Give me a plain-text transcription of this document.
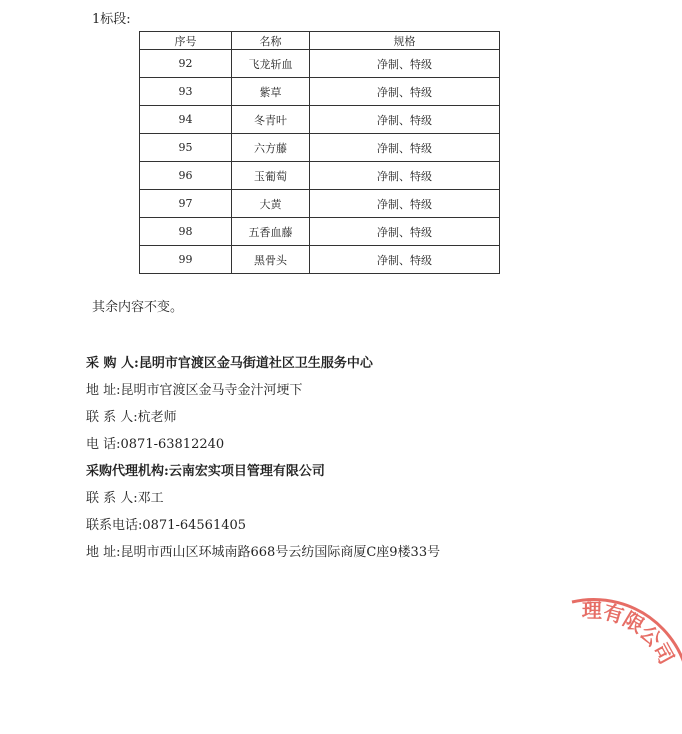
1标段:
序号	名称	规格
92	飞龙斩血	净制、特级
93	紫草	净制、特级
94	冬青叶	净制、特级
95	六方藤	净制、特级
96	玉葡萄	净制、特级
97	大黄	净制、特级
98	五香血藤	净制、特级
99	黑骨头	净制、特级
其余内容不变。
采 购 人:昆明市官渡区金马街道社区卫生服务中心
地 址:昆明市官渡区金马寺金汁河埂下
联 系 人:杭老师
电 话:0871-63812240
采购代理机构:云南宏实项目管理有限公司
联 系 人:邓工
联系电话:0871-64561405
地 址:昆明市西山区环城南路668号云纺国际商厦C座9楼33号
理有限公司
